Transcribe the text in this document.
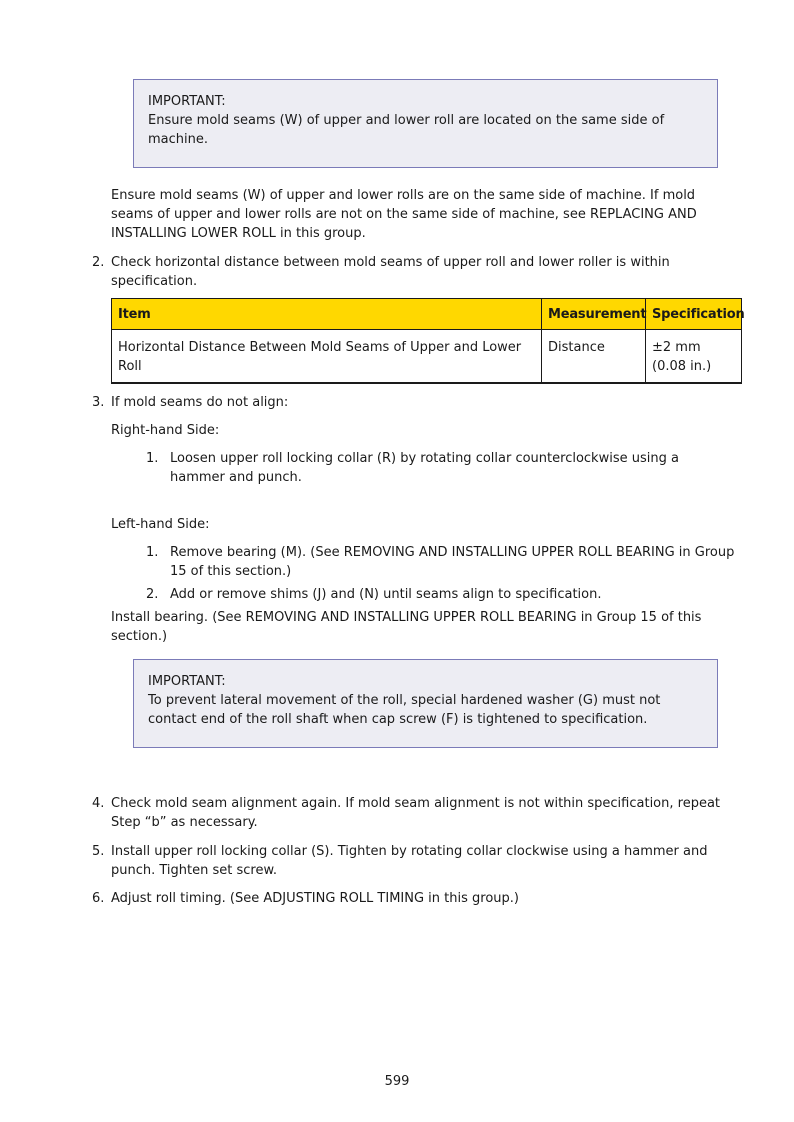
IMPORTANT:

Ensure mold seams (W) of upper and lower roll are located on the same side of machine.

Ensure mold seams (W) of upper and lower rolls are on the same side of machine. If mold seams of upper and lower rolls are not on the same side of machine, see REPLACING AND INSTALLING LOWER ROLL in this group.

2. Check horizontal distance between mold seams of upper roll and lower roller is within specification.
Item	Measurement	Specification
Horizontal Distance Between Mold Seams of Upper and Lower Roll	Distance	±2 mm (0.08 in.)
3. If mold seams do not align:

Right-hand Side:

1. Loosen upper roll locking collar (R) by rotating collar counterclockwise using a hammer and punch.

Left-hand Side:

1. Remove bearing (M). (See REMOVING AND INSTALLING UPPER ROLL BEARING in Group 15 of this section.)
2. Add or remove shims (J) and (N) until seams align to specification.

Install bearing. (See REMOVING AND INSTALLING UPPER ROLL BEARING in Group 15 of this section.)

IMPORTANT:

To prevent lateral movement of the roll, special hardened washer (G) must not contact end of the roll shaft when cap screw (F) is tightened to specification.

4. Check mold seam alignment again. If mold seam alignment is not within specification, repeat Step “b” as necessary.
5. Install upper roll locking collar (S). Tighten by rotating collar clockwise using a hammer and punch. Tighten set screw.
6. Adjust roll timing. (See ADJUSTING ROLL TIMING in this group.)
599
